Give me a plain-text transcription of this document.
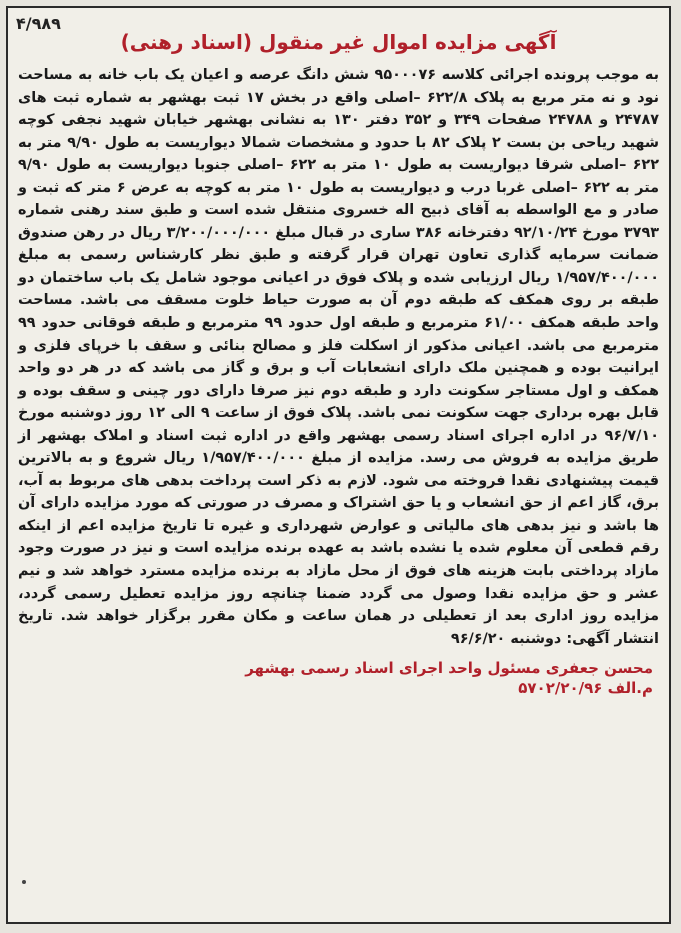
۴/۹۸۹
آگهی مزایده اموال غیر منقول (اسناد رهنی)
به موجب پرونده اجرائی کلاسه ۹۵۰۰۰۷۶ شش دانگ عرصه و اعیان یک باب خانه به مساحت نود و نه متر مربع به پلاک ۶۲۲/۸ –اصلی واقع در بخش ۱۷ ثبت بهشهر به شماره ثبت های ۲۴۷۸۷ و ۲۴۷۸۸ صفحات ۳۴۹ و ۳۵۲ دفتر ۱۳۰ به نشانی بهشهر خیابان شهید نجفی کوچه شهید ریاحی بن بست ۲ پلاک ۸۲ با حدود و مشخصات شمالا دیواریست به طول ۹/۹۰ متر به ۶۲۲ –اصلی شرقا دیواریست به طول ۱۰ متر به ۶۲۲ –اصلی جنوبا دیواریست به طول ۹/۹۰ متر به ۶۲۲ –اصلی غربا درب و دیواریست به طول ۱۰ متر به کوچه به عرض ۶ متر که ثبت و صادر و مع الواسطه به آقای ذبیح اله خسروی منتقل شده است و طبق سند رهنی شماره ۳۷۹۳ مورخ ۹۲/۱۰/۲۴ دفترخانه ۳۸۶ ساری در قبال مبلغ ۳/۲۰۰/۰۰۰/۰۰۰ ریال در رهن صندوق ضمانت سرمایه گذاری تعاون تهران قرار گرفته و طبق نظر کارشناس رسمی به مبلغ ۱/۹۵۷/۴۰۰/۰۰۰ ریال ارزیابی شده و پلاک فوق در اعیانی موجود شامل یک باب ساختمان دو طبقه بر روی همکف که طبقه دوم آن به صورت حیاط خلوت مسقف می باشد. مساحت واحد طبقه همکف ۶۱/۰۰ مترمربع و طبقه اول حدود ۹۹ مترمربع و طبقه فوقانی حدود ۹۹ مترمربع می باشد. اعیانی مذکور از اسکلت فلز و مصالح بنائی و سقف با خرپای فلزی و ایرانیت بوده و همچنین ملک دارای انشعابات آب و برق و گاز می باشد که در هر دو واحد همکف و اول مستاجر سکونت دارد و طبقه دوم نیز صرفا دارای دور چینی و سقف بوده و قابل بهره برداری جهت سکونت نمی باشد. پلاک فوق از ساعت ۹ الی ۱۲ روز دوشنبه مورخ ۹۶/۷/۱۰ در اداره اجرای اسناد رسمی بهشهر واقع در اداره ثبت اسناد و املاک بهشهر از طریق مزایده به فروش می رسد. مزایده از مبلغ ۱/۹۵۷/۴۰۰/۰۰۰ ریال شروع و به بالاترین قیمت پیشنهادی نقدا فروخته می شود. لازم به ذکر است پرداخت بدهی های مربوط به آب، برق، گاز اعم از حق انشعاب و یا حق اشتراک و مصرف در صورتی که مورد مزایده دارای آن ها باشد و نیز بدهی های مالیاتی و عوارض شهرداری و غیره تا تاریخ مزایده اعم از اینکه رقم قطعی آن معلوم شده یا نشده باشد به عهده برنده مزایده است و نیز در صورت وجود مازاد پرداختی بابت هزینه های فوق از محل مازاد به برنده مزایده مسترد خواهد شد و نیم عشر و حق مزایده نقدا وصول می گردد ضمنا چنانچه روز مزایده تعطیل رسمی گردد، مزایده روز اداری بعد از تعطیلی در همان ساعت و مکان مقرر برگزار خواهد شد. تاریخ انتشار آگهی: دوشنبه ۹۶/۶/۲۰
محسن جعفری مسئول واحد اجرای اسناد رسمی بهشهر
م.الف ۵۷۰۲/۲۰/۹۶
